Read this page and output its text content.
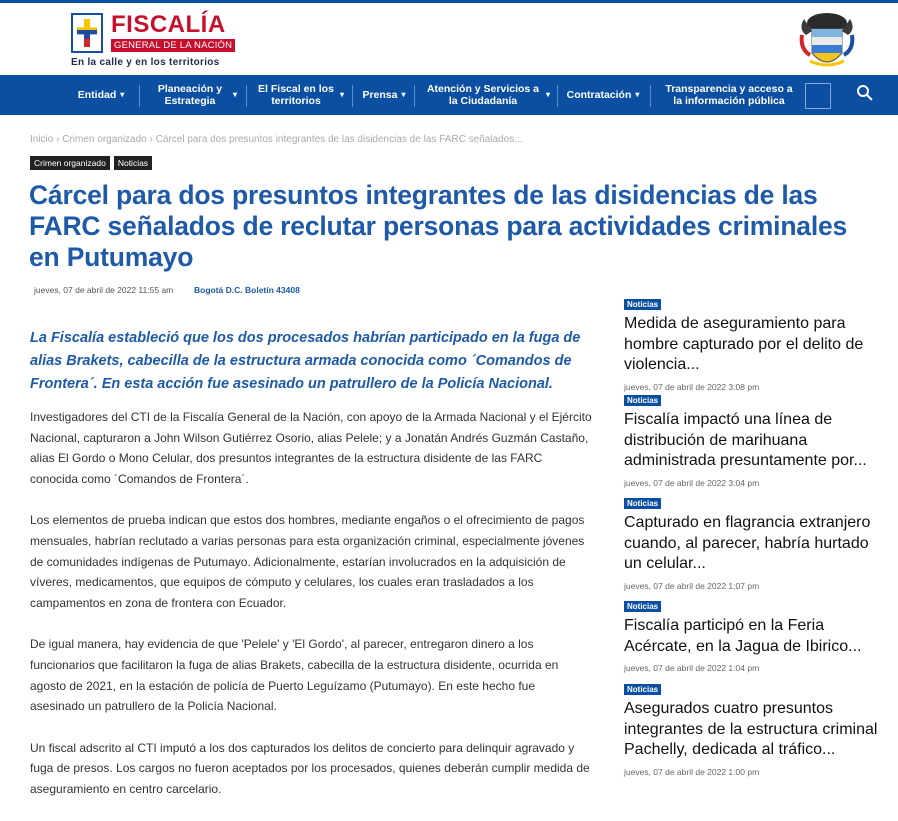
FISCALÍA
GENERAL DE LA NACIÓN
En la calle y en los territorios
Entidad ▾	Planeación y Estrategia
▾ El Fiscal en los territorios
▾ Prensa ▾ Atención y Servicios a la Ciudadanía
▾ Contratación ▾	Transparencia y acceso a la información pública
Inicio › Crimen organizado › Cárcel para dos presuntos integrantes de las disidencias de las FARC señalados...
Crimen organizado	Noticias
Cárcel para dos presuntos integrantes de las disidencias de las FARC señalados de reclutar personas para actividades criminales en Putumayo
jueves, 07 de abril de 2022 11:55 am Bogotá D.C. Boletín 43408

La Fiscalía estableció que los dos procesados habrían participado en la fuga de alias Brakets, cabecilla de la estructura armada conocida como ´Comandos de Frontera´. En esta acción fue asesinado un patrullero de la Policía Nacional.

Investigadores del CTI de la Fiscalía General de la Nación, con apoyo de la Armada Nacional y el Ejército Nacional, capturaron a John Wilson Gutiérrez Osorio, alias Pelele; y a Jonatán Andrés Guzmán Castaño, alias El Gordo o Mono Celular, dos presuntos integrantes de la estructura disidente de las FARC conocida como ´Comandos de Frontera´.

Los elementos de prueba indican que estos dos hombres, mediante engaños o el ofrecimiento de pagos mensuales, habrían reclutado a varias personas para esta organización criminal, especialmente jóvenes de comunidades indígenas de Putumayo. Adicionalmente, estarían involucrados en la adquisición de víveres, medicamentos, que equipos de cómputo y celulares, los cuales eran trasladados a los campamentos en zona de frontera con Ecuador.

De igual manera, hay evidencia de que 'Pelele' y 'El Gordo', al parecer, entregaron dinero a los funcionarios que facilitaron la fuga de alias Brakets, cabecilla de la estructura disidente, ocurrida en agosto de 2021, en la estación de policía de Puerto Leguízamo (Putumayo). En este hecho fue asesinado un patrullero de la Policía Nacional.

Un fiscal adscrito al CTI imputó a los dos capturados los delitos de concierto para delinquir agravado y fuga de presos. Los cargos no fueron aceptados por los procesados, quienes deberán cumplir medida de aseguramiento en centro carcelario.

Noticias
Medida de aseguramiento para hombre capturado por el delito de violencia...
jueves, 07 de abril de 2022 3:08 pm
Noticias
Fiscalía impactó una línea de distribución de marihuana administrada presuntamente por...
jueves, 07 de abril de 2022 3:04 pm
Noticias
Capturado en flagrancia extranjero cuando, al parecer, habría hurtado un celular...
jueves, 07 de abril de 2022 1:07 pm
Noticias
Fiscalía participó en la Feria Acércate, en la Jagua de Ibirico...
jueves, 07 de abril de 2022 1:04 pm
Noticias
Asegurados cuatro presuntos integrantes de la estructura criminal Pachelly, dedicada al tráfico...
jueves, 07 de abril de 2022 1:00 pm
